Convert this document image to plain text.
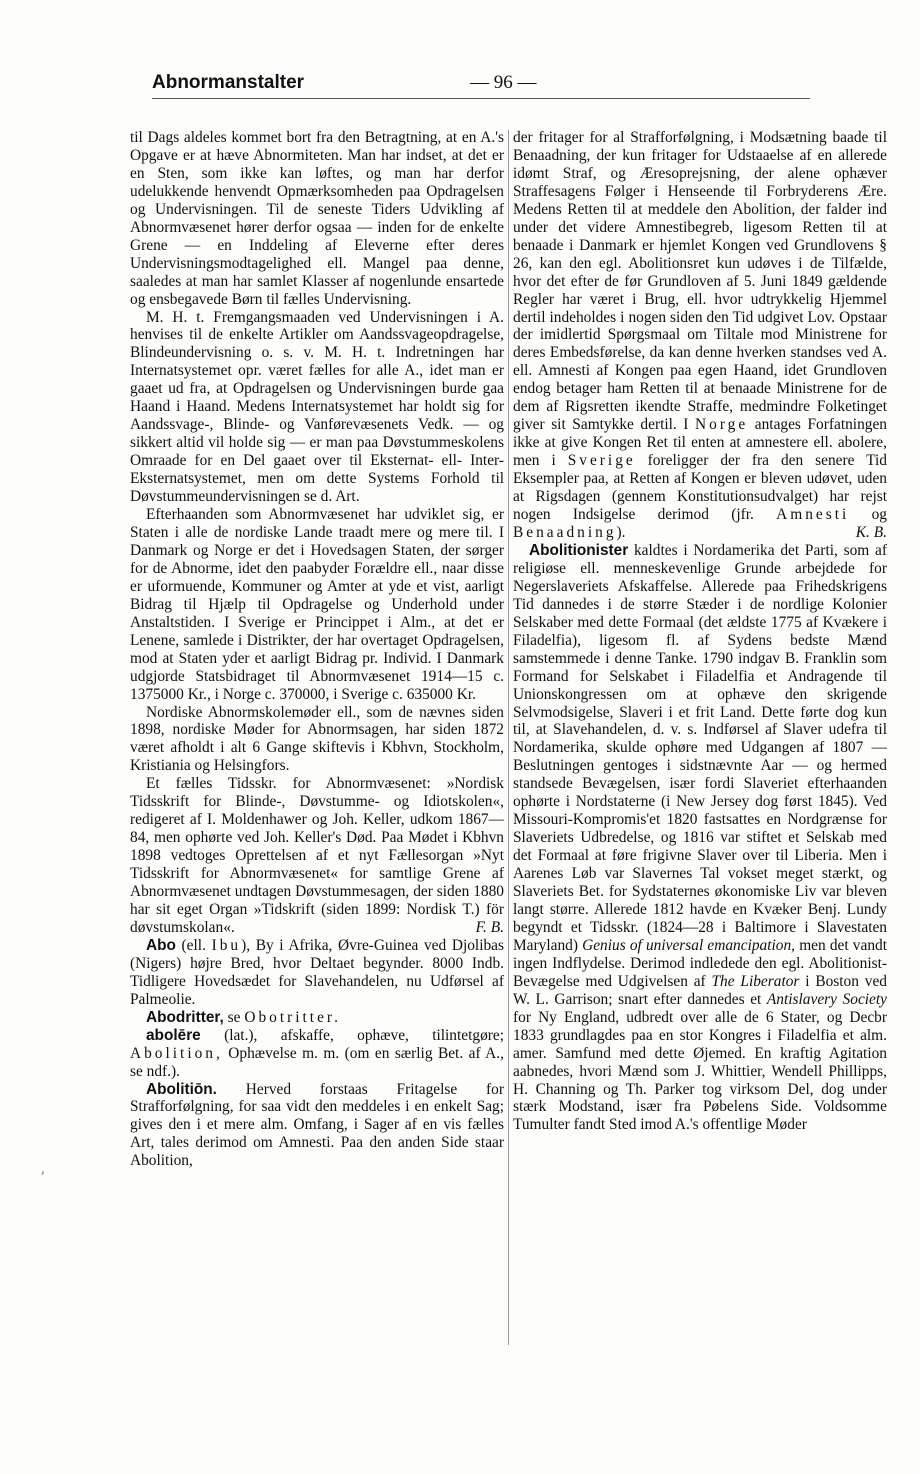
Abnormanstalter	— 96 —

til Dags aldeles kommet bort fra den Betragtning, at en A.'s Opgave er at hæve Abnormiteten. Man har indset, at det er en Sten, som ikke kan løftes, og man har derfor udelukkende henvendt Opmærksomheden paa Opdragelsen og Undervisningen. Til de seneste Tiders Udvikling af Abnormvæsenet hører derfor ogsaa — inden for de enkelte Grene — en Inddeling af Eleverne efter deres Undervisningsmodtagelighed ell. Mangel paa denne, saaledes at man har samlet Klasser af nogenlunde ensartede og ensbegavede Børn til fælles Undervisning.

M. H. t. Fremgangsmaaden ved Undervisningen i A. henvises til de enkelte Artikler om Aandssvageopdragelse, Blindeundervisning o. s. v. M. H. t. Indretningen har Internatsystemet opr. været fælles for alle A., idet man er gaaet ud fra, at Opdragelsen og Undervisningen burde gaa Haand i Haand. Medens Internatsystemet har holdt sig for Aandssvage-, Blinde- og Vanførevæsenets Vedk. — og sikkert altid vil holde sig — er man paa Døvstummeskolens Omraade for en Del gaaet over til Eksternat- ell- Inter-Eksternatsystemet, men om dette Systems Forhold til Døvstummeundervisningen se d. Art.

Efterhaanden som Abnormvæsenet har udviklet sig, er Staten i alle de nordiske Lande traadt mere og mere til. I Danmark og Norge er det i Hovedsagen Staten, der sørger for de Abnorme, idet den paabyder Forældre ell., naar disse er uformuende, Kommuner og Amter at yde et vist, aarligt Bidrag til Hjælp til Opdragelse og Underhold under Anstaltstiden. I Sverige er Princippet i Alm., at det er Lenene, samlede i Distrikter, der har overtaget Opdragelsen, mod at Staten yder et aarligt Bidrag pr. Individ. I Danmark udgjorde Statsbidraget til Abnormvæsenet 1914—15 c. 1375000 Kr., i Norge c. 370000, i Sverige c. 635000 Kr.

Nordiske Abnormskolemøder ell., som de nævnes siden 1898, nordiske Møder for Abnormsagen, har siden 1872 været afholdt i alt 6 Gange skiftevis i Kbhvn, Stockholm, Kristiania og Helsingfors.

Et fælles Tidsskr. for Abnormvæsenet: »Nordisk Tidsskrift for Blinde-, Døvstumme- og Idiotskolen«, redigeret af I. Moldenhawer og Joh. Keller, udkom 1867—84, men ophørte ved Joh. Keller's Død. Paa Mødet i Kbhvn 1898 vedtoges Oprettelsen af et nyt Fællesorgan »Nyt Tidsskrift for Abnormvæsenet« for samtlige Grene af Abnormvæsenet undtagen Døvstummesagen, der siden 1880 har sit eget Organ »Tidskrift (siden 1899: Nordisk T.) för døvstumskolan«.	F. B.

Abo (ell. Ibu), By i Afrika, Øvre-Guinea ved Djolibas (Nigers) højre Bred, hvor Deltaet begynder. 8000 Indb. Tidligere Hovedsædet for Slavehandelen, nu Udførsel af Palmeolie.

Abodritter, se Obotritter.

abolēre (lat.), afskaffe, ophæve, tilintetgøre; Abolition, Ophævelse m. m. (om en særlig Bet. af A., se ndf.).

Abolitiōn. Herved forstaas Fritagelse for Strafforfølgning, for saa vidt den meddeles i en enkelt Sag; gives den i et mere alm. Omfang, i Sager af en vis fælles Art, tales derimod om Amnesti. Paa den anden Side staar Abolition,

der fritager for al Strafforfølgning, i Modsætning baade til Benaadning, der kun fritager for Udstaaelse af en allerede idømt Straf, og Æresoprejsning, der alene ophæver Straffesagens Følger i Henseende til Forbryderens Ære. Medens Retten til at meddele den Abolition, der falder ind under det videre Amnestibegreb, ligesom Retten til at benaade i Danmark er hjemlet Kongen ved Grundlovens § 26, kan den egl. Abolitionsret kun udøves i de Tilfælde, hvor det efter de før Grundloven af 5. Juni 1849 gældende Regler har været i Brug, ell. hvor udtrykkelig Hjemmel dertil indeholdes i nogen siden den Tid udgivet Lov. Opstaar der imidlertid Spørgsmaal om Tiltale mod Ministrene for deres Embedsførelse, da kan denne hverken standses ved A. ell. Amnesti af Kongen paa egen Haand, idet Grundloven endog betager ham Retten til at benaade Ministrene for de dem af Rigsretten ikendte Straffe, medmindre Folketinget giver sit Samtykke dertil. I Norge antages Forfatningen ikke at give Kongen Ret til enten at amnestere ell. abolere, men i Sverige foreligger der fra den senere Tid Eksempler paa, at Retten af Kongen er bleven udøvet, uden at Rigsdagen (gennem Konstitutionsudvalget) har rejst nogen Indsigelse derimod (jfr. Amnesti og Benaadning).	K. B.

Abolitionister kaldtes i Nordamerika det Parti, som af religiøse ell. menneskevenlige Grunde arbejdede for Negerslaveriets Afskaffelse. Allerede paa Frihedskrigens Tid dannedes i de større Stæder i de nordlige Kolonier Selskaber med dette Formaal (det ældste 1775 af Kvækere i Filadelfia), ligesom fl. af Sydens bedste Mænd samstemmede i denne Tanke. 1790 indgav B. Franklin som Formand for Selskabet i Filadelfia et Andragende til Unionskongressen om at ophæve den skrigende Selvmodsigelse, Slaveri i et frit Land. Dette førte dog kun til, at Slavehandelen, d. v. s. Indførsel af Slaver udefra til Nordamerika, skulde ophøre med Udgangen af 1807 — Beslutningen gentoges i sidstnævnte Aar — og hermed standsede Bevægelsen, især fordi Slaveriet efterhaanden ophørte i Nordstaterne (i New Jersey dog først 1845). Ved Missouri-Kompromis'et 1820 fastsattes en Nordgrænse for Slaveriets Udbredelse, og 1816 var stiftet et Selskab med det Formaal at føre frigivne Slaver over til Liberia. Men i Aarenes Løb var Slavernes Tal vokset meget stærkt, og Slaveriets Bet. for Sydstaternes økonomiske Liv var bleven langt større. Allerede 1812 havde en Kvæker Benj. Lundy begyndt et Tidsskr. (1824—28 i Baltimore i Slavestaten Maryland) Genius of universal emancipation, men det vandt ingen Indflydelse. Derimod indledede den egl. Abolitionist-Bevægelse med Udgivelsen af The Liberator i Boston ved W. L. Garrison; snart efter dannedes et Antislavery Society for Ny England, udbredt over alle de 6 Stater, og Decbr 1833 grundlagdes paa en stor Kongres i Filadelfia et alm. amer. Samfund med dette Øjemed. En kraftig Agitation aabnedes, hvori Mænd som J. Whittier, Wendell Phillipps, H. Channing og Th. Parker tog virksom Del, dog under stærk Modstand, især fra Pøbelens Side. Voldsomme Tumulter fandt Sted imod A.'s offentlige Møder

ʼ
